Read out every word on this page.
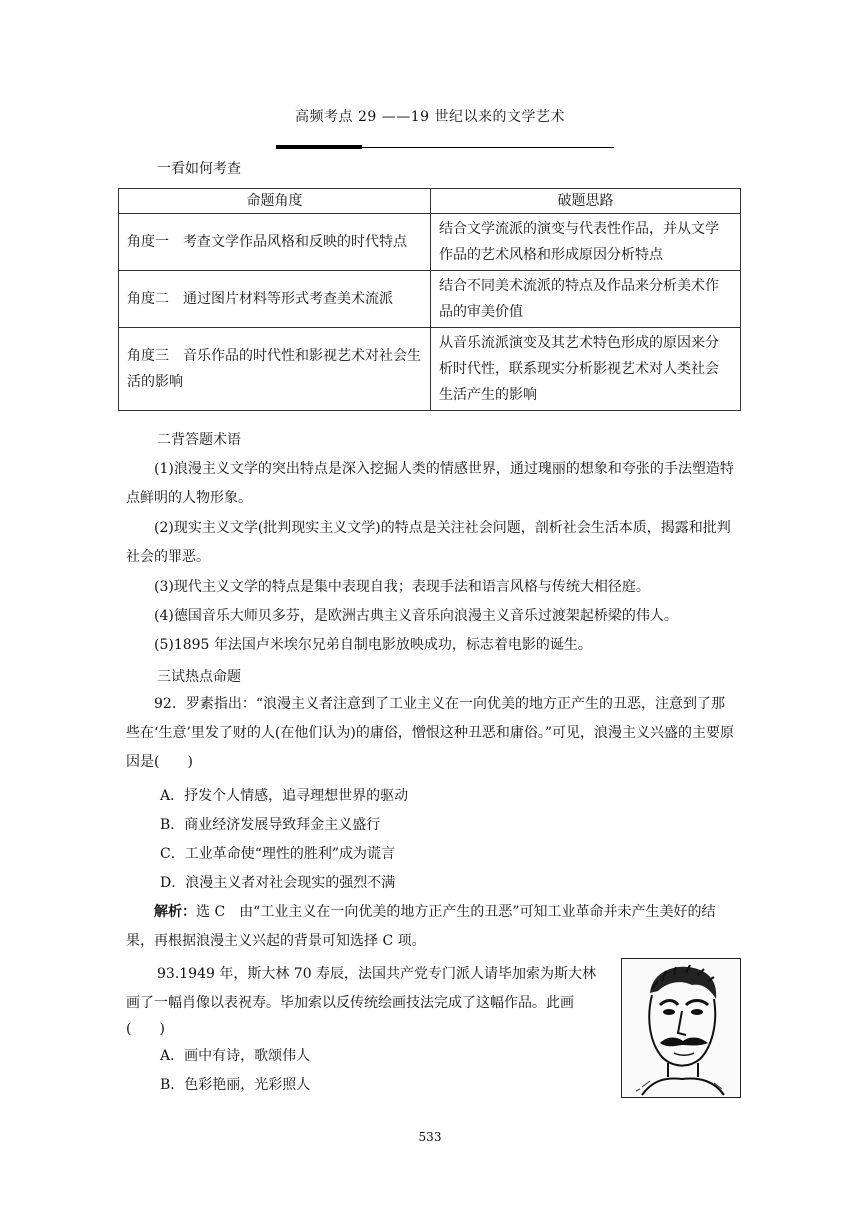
高频考点 29 ——19 世纪以来的文学艺术
一看如何考查
命题角度	破题思路
角度一　考查文学作品风格和反映的时代特点	结合文学流派的演变与代表性作品，并从文学作品的艺术风格和形成原因分析特点
角度二　通过图片材料等形式考查美术流派	结合不同美术流派的特点及作品来分析美术作品的审美价值
角度三　音乐作品的时代性和影视艺术对社会生活的影响	从音乐流派演变及其艺术特色形成的原因来分析时代性，联系现实分析影视艺术对人类社会生活产生的影响
二背答题术语
(1)浪漫主义文学的突出特点是深入挖掘人类的情感世界，通过瑰丽的想象和夸张的手法塑造特点鲜明的人物形象。
(2)现实主义文学(批判现实主义文学)的特点是关注社会问题，剖析社会生活本质，揭露和批判社会的罪恶。
(3)现代主义文学的特点是集中表现自我；表现手法和语言风格与传统大相径庭。
(4)德国音乐大师贝多芬，是欧洲古典主义音乐向浪漫主义音乐过渡架起桥梁的伟人。
(5)1895 年法国卢米埃尔兄弟自制电影放映成功，标志着电影的诞生。
三试热点命题
92．罗素指出：“浪漫主义者注意到了工业主义在一向优美的地方正产生的丑恶，注意到了那些在‘生意’里发了财的人(在他们认为)的庸俗，憎恨这种丑恶和庸俗。”可见，浪漫主义兴盛的主要原因是(　　)
A．抒发个人情感，追寻理想世界的驱动
B．商业经济发展导致拜金主义盛行
C．工业革命使“理性的胜利”成为谎言
D．浪漫主义者对社会现实的强烈不满
解析：选 C　由“工业主义在一向优美的地方正产生的丑恶”可知工业革命并未产生美好的结果，再根据浪漫主义兴起的背景可知选择 C 项。
93.1949 年，斯大林 70 寿辰，法国共产党专门派人请毕加索为斯大林
画了一幅肖像以表祝寿。毕加索以反传统绘画技法完成了这幅作品。此画
(　　)
A．画中有诗，歌颂伟人
B．色彩艳丽，光彩照人
533
